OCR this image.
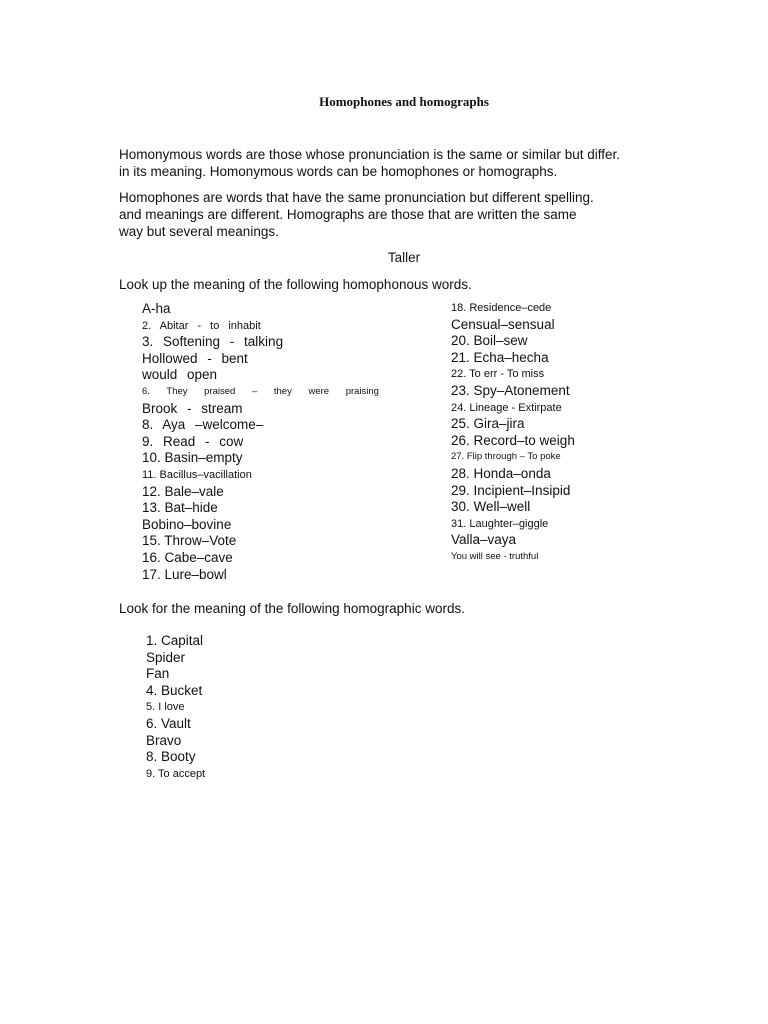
Homophones and homographs

Homonymous words are those whose pronunciation is the same or similar but differ.
in its meaning. Homonymous words can be homophones or homographs.

Homophones are words that have the same pronunciation but different spelling.
and meanings are different. Homographs are those that are written the same
way but several meanings.

Taller
Look up the meaning of the following homophonous words.
A-ha
2. Abitar - to inhabit
3. Softening - talking
Hollowed - bent
would open
6. They praised – they were praising
Brook - stream
8. Aya –welcome–
9. Read - cow
10. Basin–empty
11. Bacillus–vacillation
12. Bale–vale
13. Bat–hide
Bobino–bovine
15. Throw–Vote
16. Cabe–cave
17. Lure–bowl
18. Residence–cede
Censual–sensual
20. Boil–sew
21. Echa–hecha
22. To err - To miss
23. Spy–Atonement
24. Lineage - Extirpate
25. Gira–jira
26. Record–to weigh
27. Flip through – To poke
28. Honda–onda
29. Incipient–Insipid
30. Well–well
31. Laughter–giggle
Valla–vaya
You will see - truthful
Look for the meaning of the following homographic words.
1. Capital
Spider
Fan
4. Bucket
5. I love
6. Vault
Bravo
8. Booty
9. To accept
